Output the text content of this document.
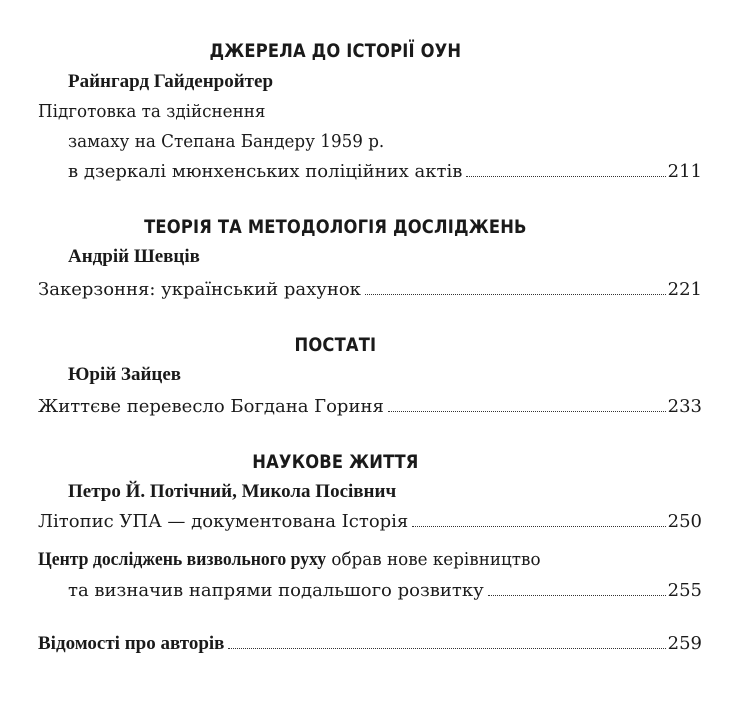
ДЖЕРЕЛА ДО ІСТОРІЇ ОУН
Райнгард Гайденройтер
Підготовка та здійснення
замаху на Степана Бандеру 1959 р.
в дзеркалі мюнхенських поліційних актів	211
ТЕОРІЯ ТА МЕТОДОЛОГІЯ ДОСЛІДЖЕНЬ
Андрій Шевців
Закерзоння: український рахунок	221
ПОСТАТІ
Юрій Зайцев
Життєве перевесло Богдана Гориня	233
НАУКОВЕ ЖИТТЯ
Петро Й. Потічний, Микола Посівнич
Літопис УПА — документована Історія	250
Центр досліджень визвольного руху обрав нове керівництво
та визначив напрями подальшого розвитку	255
Відомості про авторів	259
